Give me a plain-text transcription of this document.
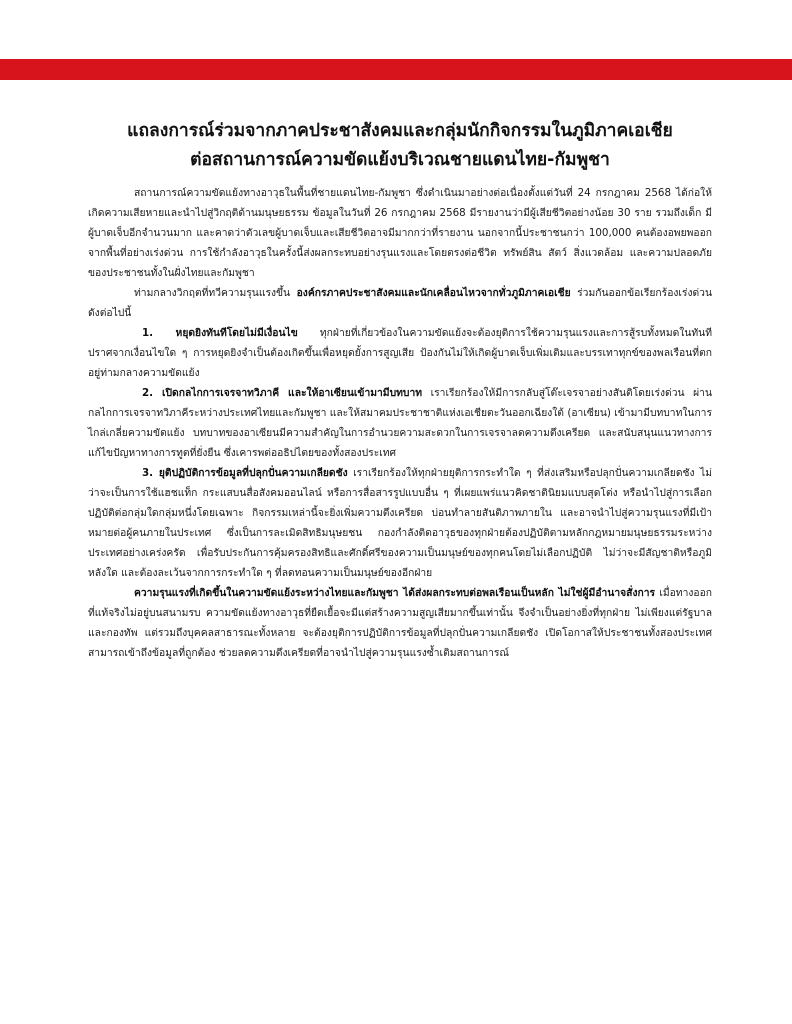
แถลงการณ์ร่วมจากภาคประชาสังคมและกลุ่มนักกิจกรรมในภูมิภาคเอเชีย
ต่อสถานการณ์ความขัดแย้งบริเวณชายแดนไทย-กัมพูชา

สถานการณ์ความขัดแย้งทางอาวุธในพื้นที่ชายแดนไทย-กัมพูชา ซึ่งดำเนินมาอย่างต่อเนื่องตั้งแต่วันที่ 24 กรกฎาคม 2568 ได้ก่อให้เกิดความเสียหายและนำไปสู่วิกฤติด้านมนุษยธรรม ข้อมูลในวันที่ 26 กรกฎาคม 2568 มีรายงานว่ามีผู้เสียชีวิตอย่างน้อย 30 ราย รวมถึงเด็ก มีผู้บาดเจ็บอีกจำนวนมาก และคาดว่าตัวเลขผู้บาดเจ็บและเสียชีวิตอาจมีมากกว่าที่รายงาน นอกจากนี้ประชาชนกว่า 100,000 คนต้องอพยพออกจากพื้นที่อย่างเร่งด่วน การใช้กำลังอาวุธในครั้งนี้ส่งผลกระทบอย่างรุนแรงและโดยตรงต่อชีวิต ทรัพย์สิน สัตว์ สิ่งแวดล้อม และความปลอดภัยของประชาชนทั้งในฝั่งไทยและกัมพูชา

ท่ามกลางวิกฤตที่ทวีความรุนแรงขึ้น องค์กรภาคประชาสังคมและนักเคลื่อนไหวจากทั่วภูมิภาคเอเชีย ร่วมกันออกข้อเรียกร้องเร่งด่วนดังต่อไปนี้

1. หยุดยิงทันทีโดยไม่มีเงื่อนไข ทุกฝ่ายที่เกี่ยวข้องในความขัดแย้งจะต้องยุติการใช้ความรุนแรงและการสู้รบทั้งหมดในทันทีปราศจากเงื่อนไขใด ๆ การหยุดยิงจำเป็นต้องเกิดขึ้นเพื่อหยุดยั้งการสูญเสีย ป้องกันไม่ให้เกิดผู้บาดเจ็บเพิ่มเติมและบรรเทาทุกข์ของพลเรือนที่ตกอยู่ท่ามกลางความขัดแย้ง

2. เปิดกลไกการเจรจาทวิภาคี และให้อาเซียนเข้ามามีบทบาท เราเรียกร้องให้มีการกลับสู่โต๊ะเจรจาอย่างสันติโดยเร่งด่วน ผ่านกลไกการเจรจาทวิภาคีระหว่างประเทศไทยและกัมพูชา และให้สมาคมประชาชาติแห่งเอเชียตะวันออกเฉียงใต้ (อาเซียน) เข้ามามีบทบาทในการไกล่เกลี่ยความขัดแย้ง บทบาทของอาเซียนมีความสำคัญในการอำนวยความสะดวกในการเจรจาลดความตึงเครียด และสนับสนุนแนวทางการแก้ไขปัญหาทางการทูตที่ยั่งยืน ซึ่งเคารพต่ออธิปไตยของทั้งสองประเทศ

3. ยุติปฏิบัติการข้อมูลที่ปลุกปั่นความเกลียดชัง เราเรียกร้องให้ทุกฝ่ายยุติการกระทำใด ๆ ที่ส่งเสริมหรือปลุกปั่นความเกลียดชัง ไม่ว่าจะเป็นการใช้แฮชแท็ก กระแสบนสื่อสังคมออนไลน์ หรือการสื่อสารรูปแบบอื่น ๆ ที่เผยแพร่แนวคิดชาตินิยมแบบสุดโต่ง หรือนำไปสู่การเลือกปฏิบัติต่อกลุ่มใดกลุ่มหนึ่งโดยเฉพาะ กิจกรรมเหล่านี้จะยิ่งเพิ่มความตึงเครียด บ่อนทำลายสันติภาพภายใน และอาจนำไปสู่ความรุนแรงที่มีเป้าหมายต่อผู้คนภายในประเทศ ซึ่งเป็นการละเมิดสิทธิมนุษยชน กองกำลังติดอาวุธของทุกฝ่ายต้องปฏิบัติตามหลักกฎหมายมนุษยธรรมระหว่างประเทศอย่างเคร่งครัด เพื่อรับประกันการคุ้มครองสิทธิและศักดิ์ศรีของความเป็นมนุษย์ของทุกคนโดยไม่เลือกปฏิบัติ ไม่ว่าจะมีสัญชาติหรือภูมิหลังใด และต้องละเว้นจากการกระทำใด ๆ ที่ลดทอนความเป็นมนุษย์ของอีกฝ่าย

ความรุนแรงที่เกิดขึ้นในความขัดแย้งระหว่างไทยและกัมพูชา ได้ส่งผลกระทบต่อพลเรือนเป็นหลัก ไม่ใช่ผู้มีอำนาจสั่งการ เมื่อทางออกที่แท้จริงไม่อยู่บนสนามรบ ความขัดแย้งทางอาวุธที่ยืดเยื้อจะมีแต่สร้างความสูญเสียมากขึ้นเท่านั้น จึงจำเป็นอย่างยิ่งที่ทุกฝ่าย ไม่เพียงแต่รัฐบาลและกองทัพ แต่รวมถึงบุคคลสาธารณะทั้งหลาย จะต้องยุติการปฏิบัติการข้อมูลที่ปลุกปั่นความเกลียดชัง เปิดโอกาสให้ประชาชนทั้งสองประเทศสามารถเข้าถึงข้อมูลที่ถูกต้อง ช่วยลดความตึงเครียดที่อาจนำไปสู่ความรุนแรงซ้ำเติมสถานการณ์
